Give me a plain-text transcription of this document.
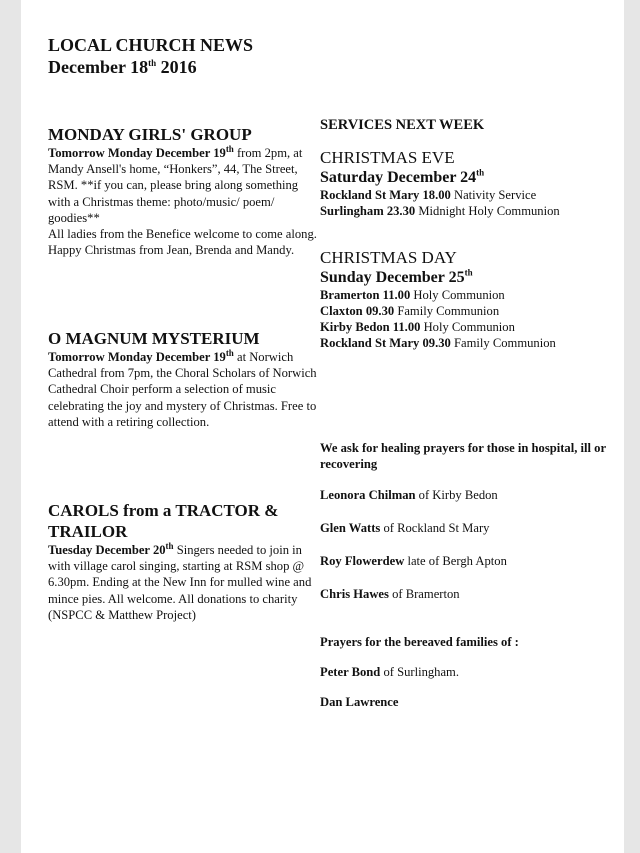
LOCAL CHURCH NEWS
December 18th 2016
MONDAY GIRLS' GROUP

Tomorrow Monday December 19th from 2pm, at Mandy Ansell's home, “Honkers”, 44, The Street, RSM. **if you can, please bring along something with a Christmas theme: photo/music/ poem/ goodies**

All ladies from the Benefice welcome to come along. Happy Christmas from Jean, Brenda and Mandy.

O MAGNUM MYSTERIUM

Tomorrow Monday December 19th at Norwich Cathedral from 7pm, the Choral Scholars of Norwich Cathedral Choir perform a selection of music celebrating the joy and mystery of Christmas. Free to attend with a retiring collection.

CAROLS from a TRACTOR & TRAILOR

Tuesday December 20th Singers needed to join in with village carol singing, starting at RSM shop @ 6.30pm. Ending at the New Inn for mulled wine and mince pies. All welcome. All donations to charity (NSPCC & Matthew Project)

SERVICES NEXT WEEK
CHRISTMAS EVE
Saturday December 24th
Rockland St Mary 18.00 Nativity Service
Surlingham 23.30 Midnight Holy Communion
CHRISTMAS DAY
Sunday December 25th
Bramerton 11.00 Holy Communion
Claxton 09.30 Family Communion
Kirby Bedon 11.00 Holy Communion
Rockland St Mary 09.30 Family Communion
We ask for healing prayers for those in hospital, ill or recovering
Leonora Chilman of Kirby Bedon
Glen Watts of Rockland St Mary
Roy Flowerdew late of Bergh Apton
Chris Hawes of Bramerton
Prayers for the bereaved families of :
Peter Bond of Surlingham.
Dan Lawrence
